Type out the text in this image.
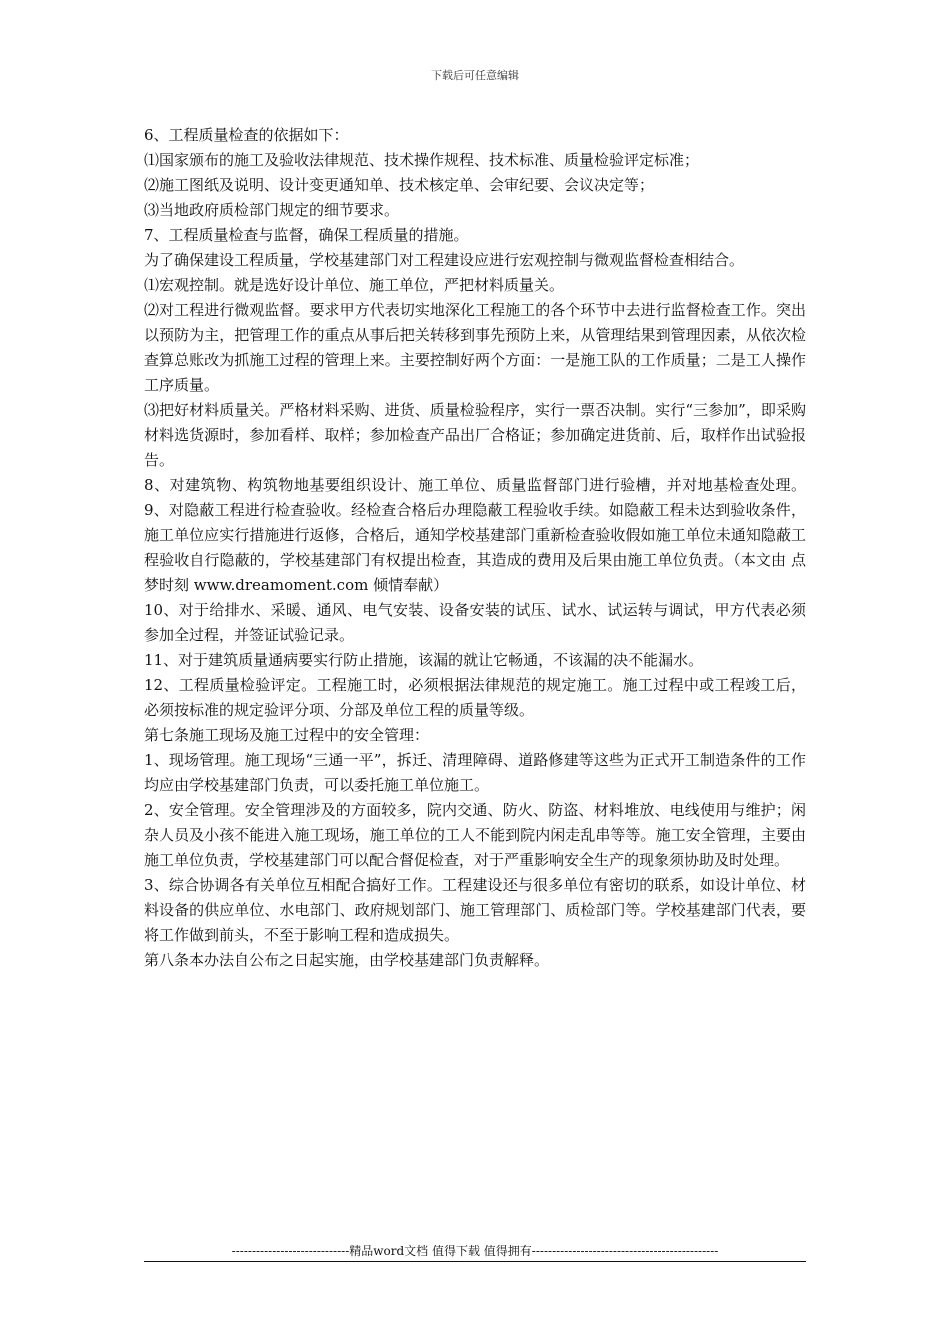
下载后可任意编辑

6、工程质量检查的依据如下：

⑴国家颁布的施工及验收法律规范、技术操作规程、技术标准、质量检验评定标准；

⑵施工图纸及说明、设计变更通知单、技术核定单、会审纪要、会议决定等；

⑶当地政府质检部门规定的细节要求。

7、工程质量检查与监督，确保工程质量的措施。

为了确保建设工程质量，学校基建部门对工程建设应进行宏观控制与微观监督检查相结合。

⑴宏观控制。就是选好设计单位、施工单位，严把材料质量关。

⑵对工程进行微观监督。要求甲方代表切实地深化工程施工的各个环节中去进行监督检查工作。突出以预防为主，把管理工作的重点从事后把关转移到事先预防上来，从管理结果到管理因素，从依次检查算总账改为抓施工过程的管理上来。主要控制好两个方面：一是施工队的工作质量；二是工人操作工序质量。

⑶把好材料质量关。严格材料采购、进货、质量检验程序，实行一票否决制。实行“三参加”，即采购材料选货源时，参加看样、取样；参加检查产品出厂合格证；参加确定进货前、后，取样作出试验报告。

8、对建筑物、构筑物地基要组织设计、施工单位、质量监督部门进行验槽，并对地基检查处理。9、对隐蔽工程进行检查验收。经检查合格后办理隐蔽工程验收手续。如隐蔽工程未达到验收条件，施工单位应实行措施进行返修，合格后，通知学校基建部门重新检查验收假如施工单位未通知隐蔽工程验收自行隐蔽的，学校基建部门有权提出检查，其造成的费用及后果由施工单位负责。（本文由 点梦时刻 www.dreamoment.com 倾情奉献）

10、对于给排水、采暖、通风、电气安装、设备安装的试压、试水、试运转与调试，甲方代表必须参加全过程，并签证试验记录。

11、对于建筑质量通病要实行防止措施，该漏的就让它畅通，不该漏的决不能漏水。

12、工程质量检验评定。工程施工时，必须根据法律规范的规定施工。施工过程中或工程竣工后，必须按标准的规定验评分项、分部及单位工程的质量等级。

第七条施工现场及施工过程中的安全管理：

1、现场管理。施工现场“三通一平”，拆迁、清理障碍、道路修建等这些为正式开工制造条件的工作均应由学校基建部门负责，可以委托施工单位施工。

2、安全管理。安全管理涉及的方面较多，院内交通、防火、防盗、材料堆放、电线使用与维护；闲杂人员及小孩不能进入施工现场，施工单位的工人不能到院内闲走乱串等等。施工安全管理，主要由施工单位负责，学校基建部门可以配合督促检查，对于严重影响安全生产的现象须协助及时处理。

3、综合协调各有关单位互相配合搞好工作。工程建设还与很多单位有密切的联系，如设计单位、材料设备的供应单位、水电部门、政府规划部门、施工管理部门、质检部门等。学校基建部门代表，要将工作做到前头，不至于影响工程和造成损失。

第八条本办法自公布之日起实施，由学校基建部门负责解释。

-----------------------------精品word文档 值得下载 值得拥有----------------------------------------------
